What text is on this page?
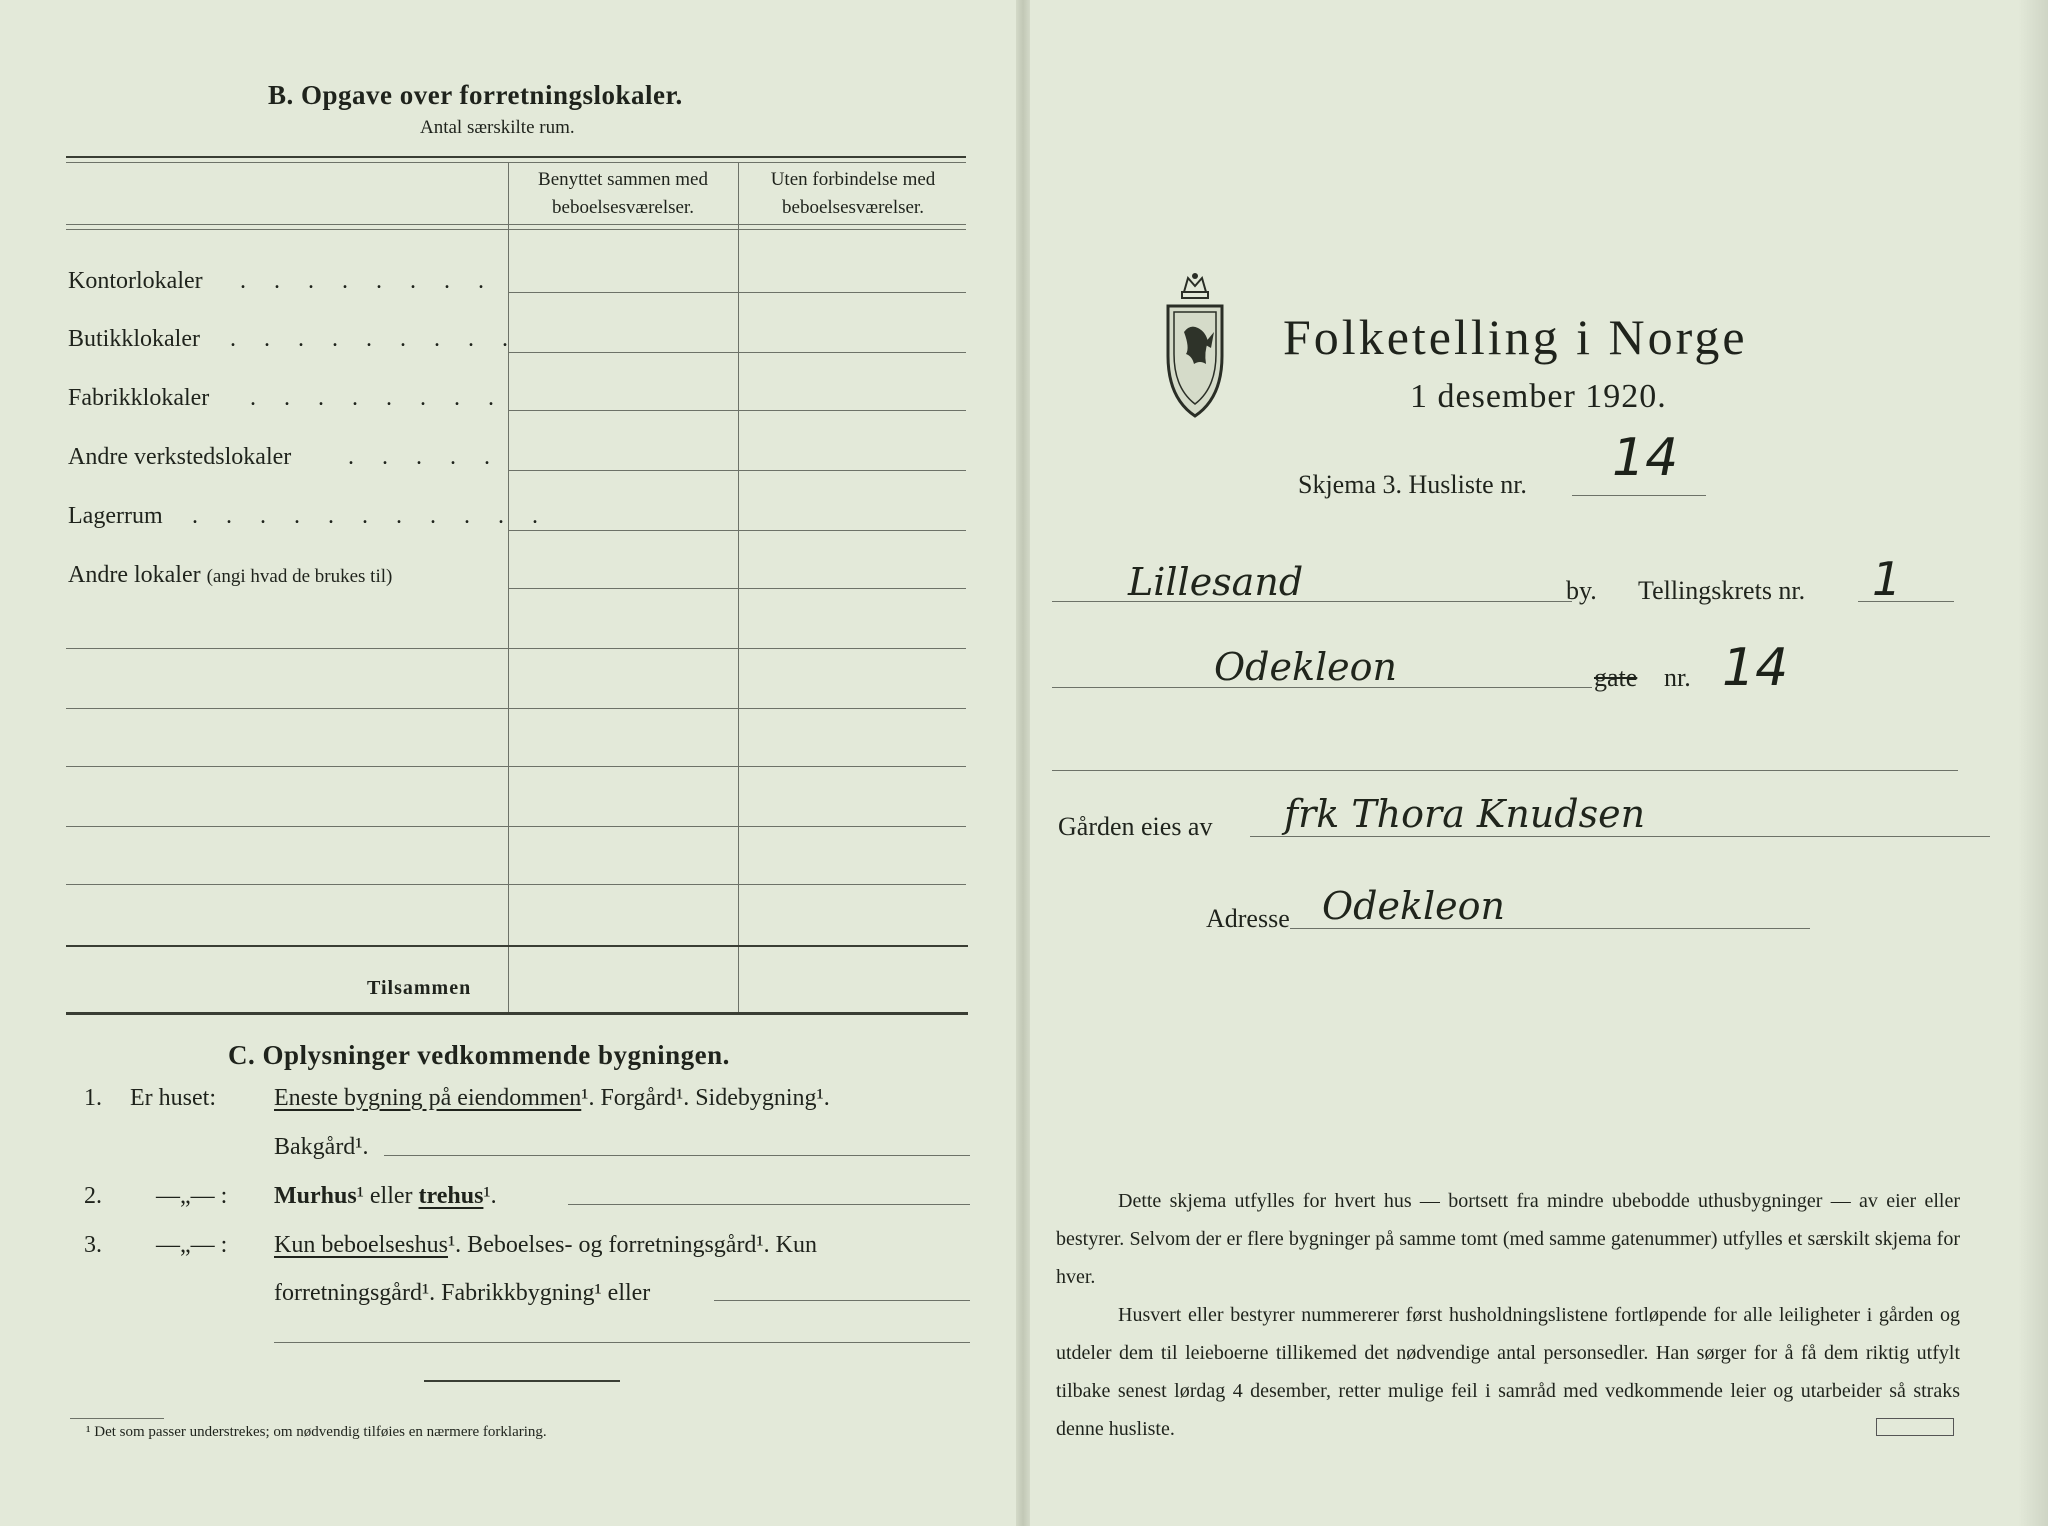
B. Opgave over forretningslokaler.
Antal særskilte rum.
Benyttet sammen med
beboelsesværelser.
Uten forbindelse med
beboelsesværelser.
Kontorlokaler . . . . . . . .
Butikklokaler . . . . . . . . .
Fabrikklokaler . . . . . . . .
Andre verkstedslokaler . . . . .
Lagerrum . . . . . . . . . . .
Andre lokaler (angi hvad de brukes til)
Tilsammen
C. Oplysninger vedkommende bygningen.
1. Er huset: Eneste bygning på eiendommen¹. Forgård¹. Sidebygning¹.
Bakgård¹.
2. —„— : Murhus¹ eller trehus¹.
3. —„— : Kun beboelseshus¹. Beboelses- og forretningsgård¹. Kun
forretningsgård¹. Fabrikkbygning¹ eller
¹ Det som passer understrekes; om nødvendig tilføies en nærmere forklaring.
Folketelling i Norge
1 desember 1920.
Skjema 3. Husliste nr. 14
Lillesand	by. Tellingskrets nr. 1
Odekleon	gate nr. 14
Gården eies av frk Thora Knudsen
Adresse Odekleon
Dette skjema utfylles for hvert hus — bortsett fra mindre ubebodde uthusbygninger — av eier eller bestyrer. Selvom der er flere bygninger på samme tomt (med samme gatenummer) utfylles et særskilt skjema for hver.
Husvert eller bestyrer nummererer først husholdningslistene fortløpende for alle leiligheter i gården og utdeler dem til leieboerne tillikemed det nødvendige antal personsedler. Han sørger for å få dem riktig utfylt tilbake senest lørdag 4 desember, retter mulige feil i samråd med vedkommende leier og utarbeider så straks denne husliste.
